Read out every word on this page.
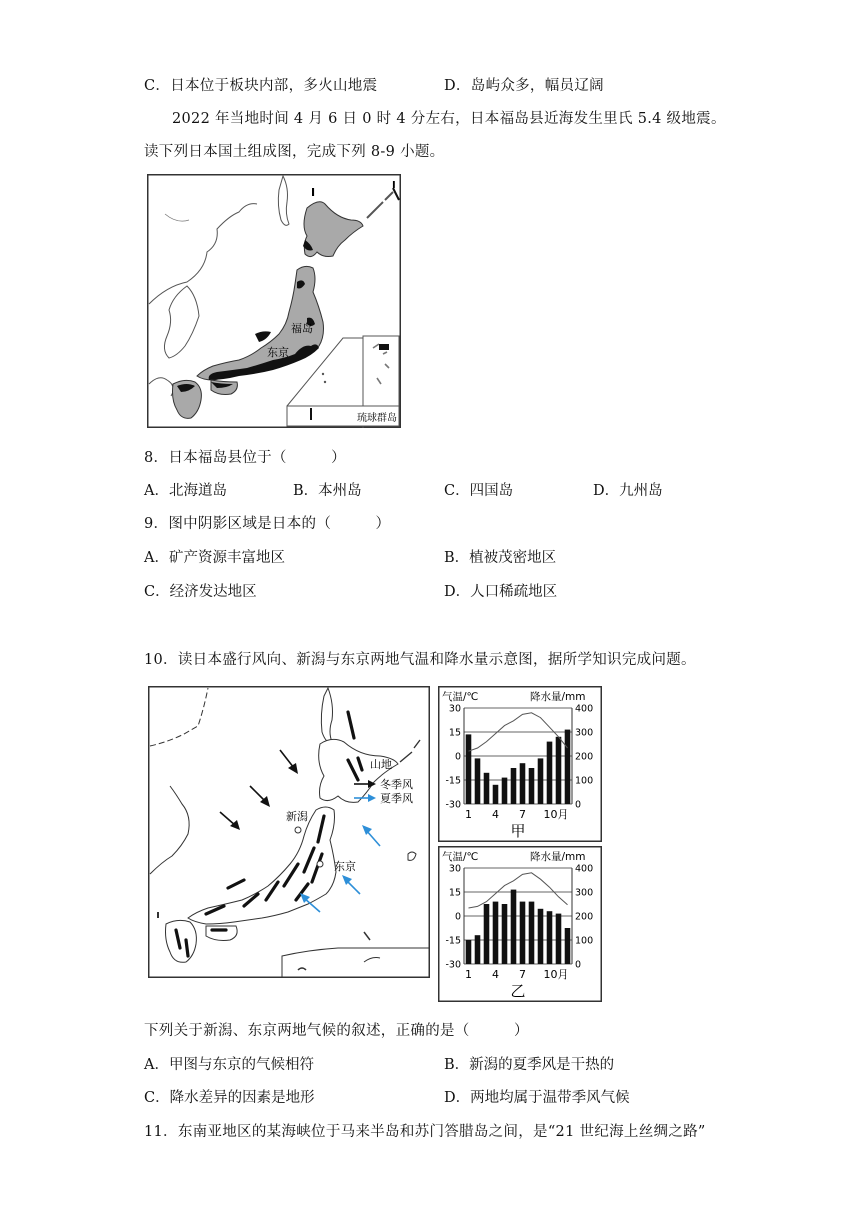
C．日本位于板块内部，多火山地震	D．岛屿众多，幅员辽阔
2022 年当地时间 4 月 6 日 0 时 4 分左右，日本福岛县近海发生里氏 5.4 级地震。
读下列日本国土组成图，完成下列 8-9 小题。
I
琉球群岛
福岛
东京
I
8．日本福岛县位于（　　　）
A．北海道岛	B．本州岛	C．四国岛	D．九州岛
9．图中阴影区域是日本的（　　　）
A．矿产资源丰富地区	B．植被茂密地区
C．经济发达地区	D．人口稀疏地区
10．读日本盛行风向、新潟与东京两地气温和降水量示意图，据所学知识完成问题。
新潟
东京
山地
冬季风
夏季风
气温/℃	降水量/mm
30	400
15	300
0	200
-15	100
-30	0
1 4 7 10月
甲
气温/℃	降水量/mm
30	400
15	300
0	200
-15	100
-30	0
1 4 7 10月
乙
下列关于新潟、东京两地气候的叙述，正确的是（　　　）
A．甲图与东京的气候相符	B．新潟的夏季风是干热的
C．降水差异的因素是地形	D．两地均属于温带季风气候
11．东南亚地区的某海峡位于马来半岛和苏门答腊岛之间，是“21 世纪海上丝绸之路”
